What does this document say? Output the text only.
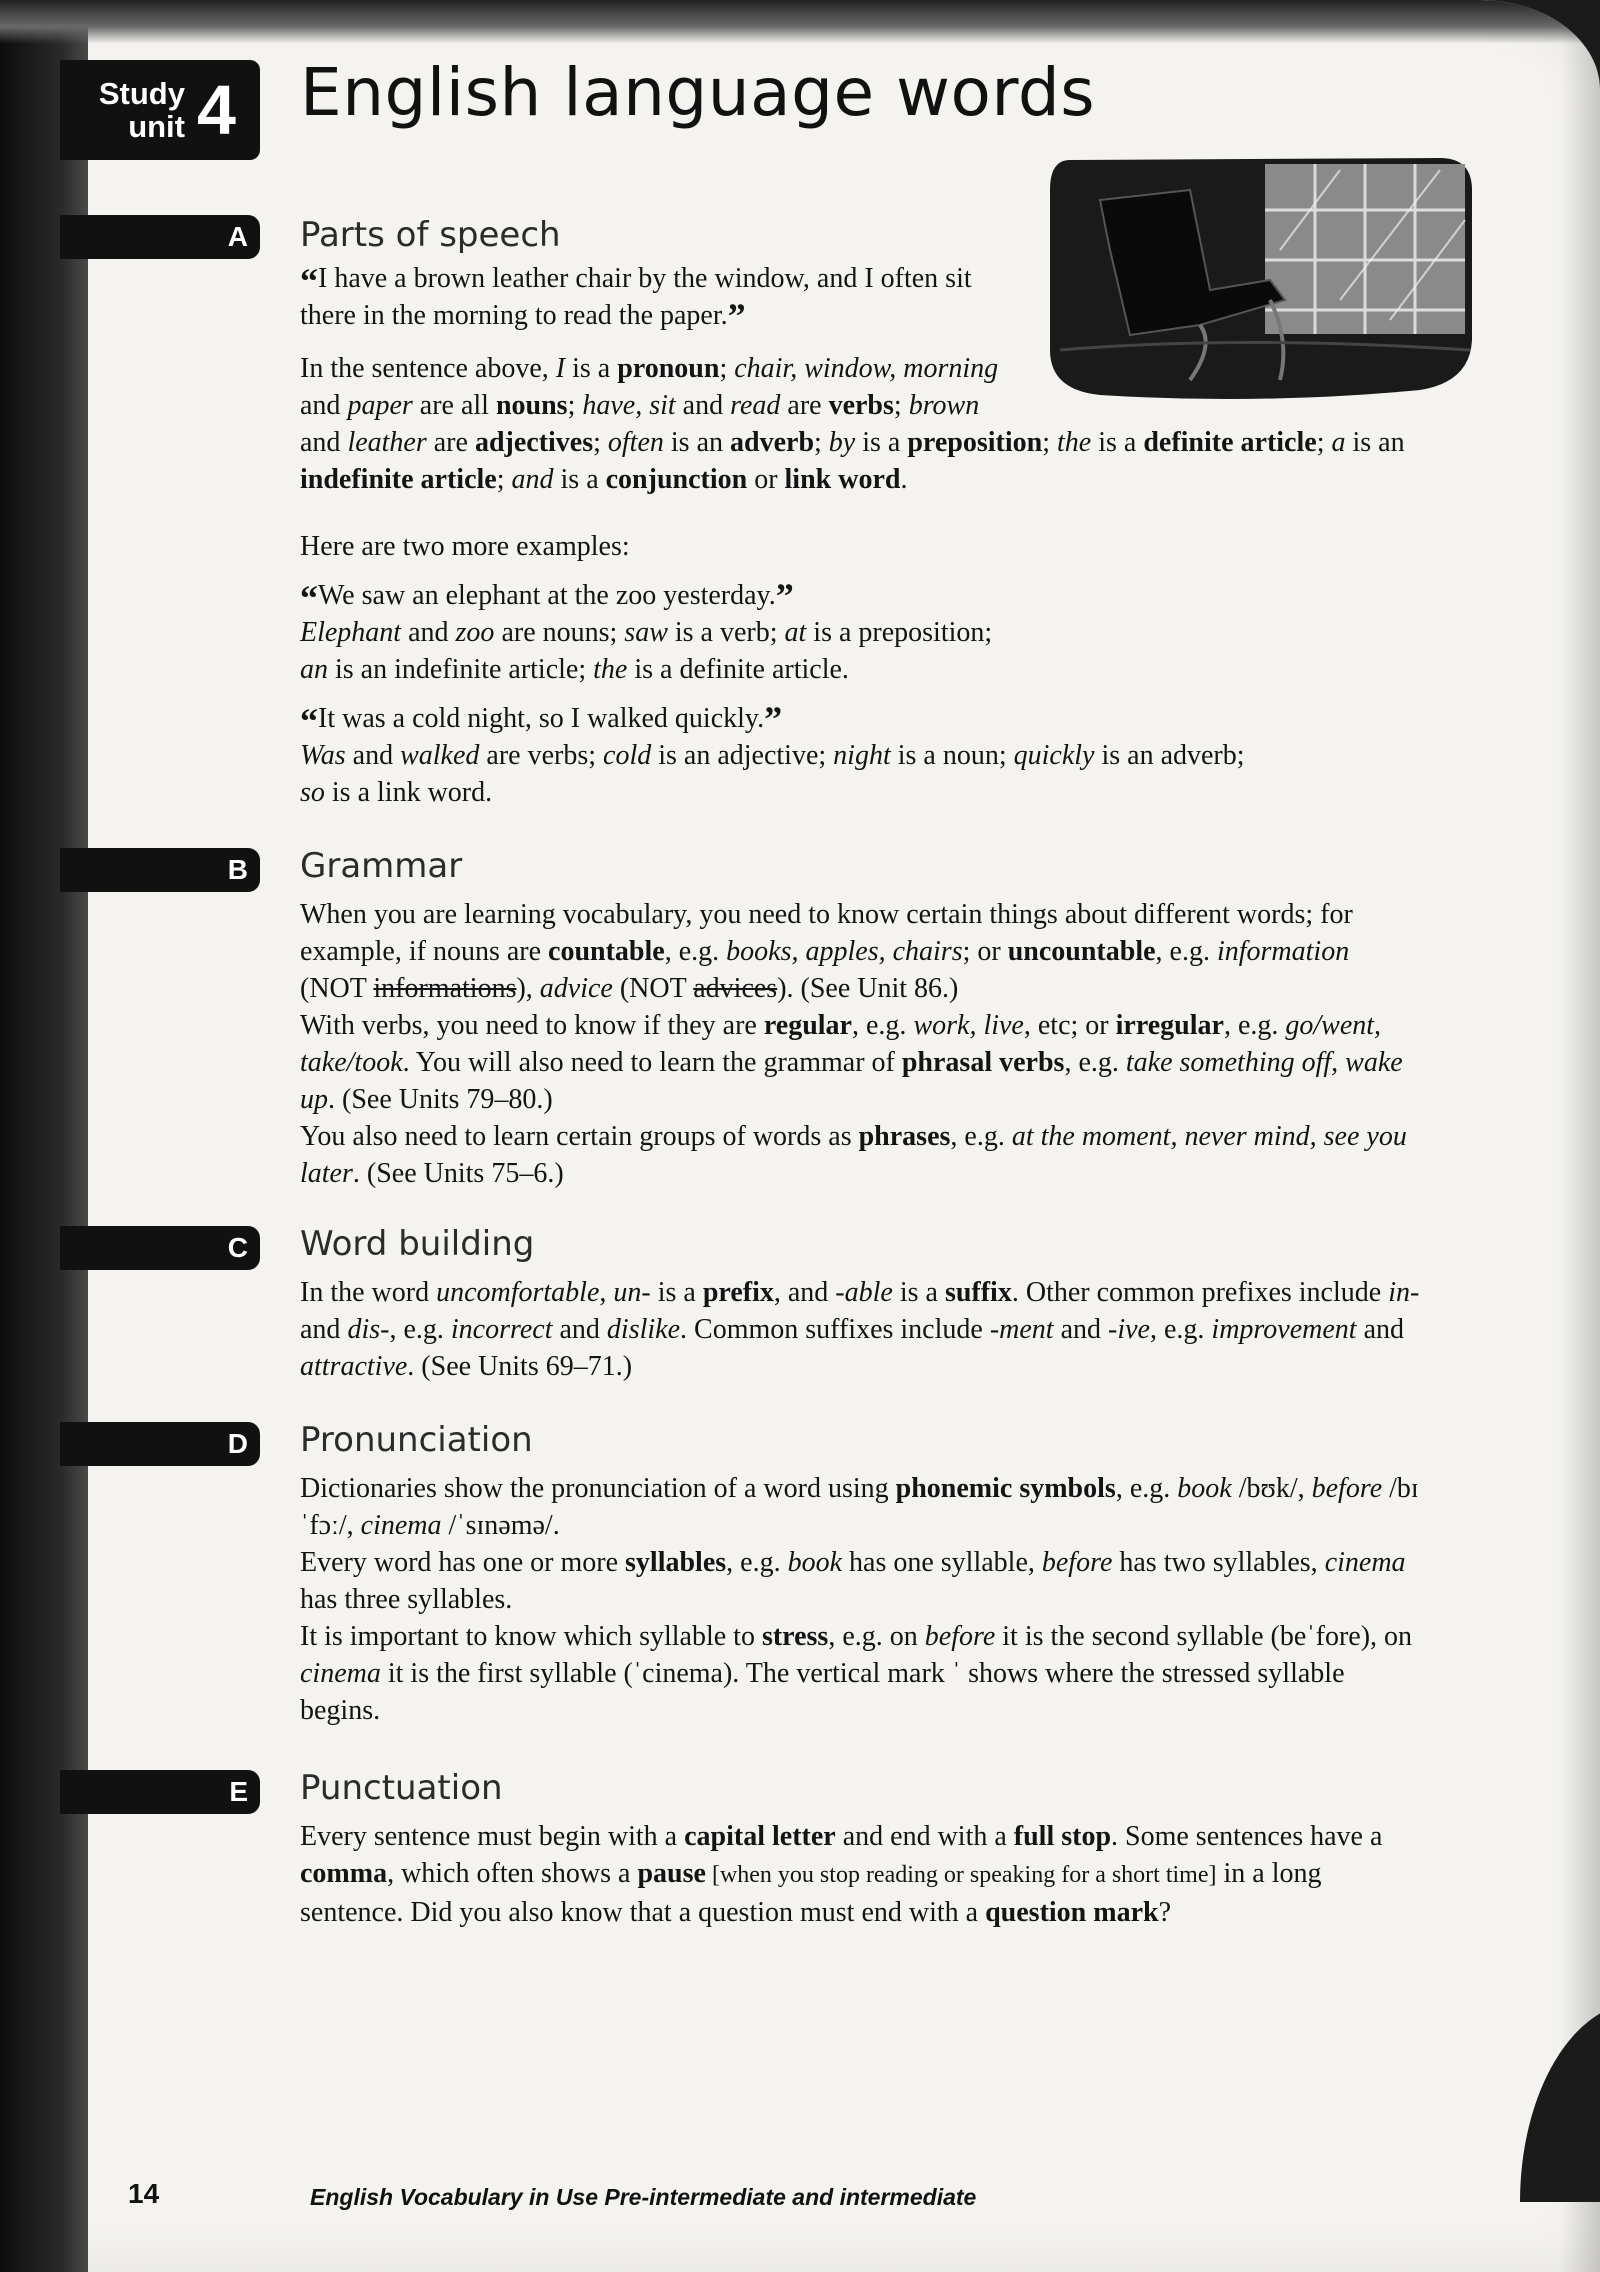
Study
unit 4 English language words
A	Parts of speech

“I have a brown leather chair by the window, and I often sit there in the morning to read the paper.”

In the sentence above, I is a pronoun; chair, window, morning and paper are all nouns; have, sit and read are verbs; brown and leather are adjectives; often is an adverb; by is a preposition; the is a definite article; a is an indefinite article; and is a conjunction or link word.

Here are two more examples:

“We saw an elephant at the zoo yesterday.”

Elephant and zoo are nouns; saw is a verb; at is a preposition;
an is an indefinite article; the is a definite article.

“It was a cold night, so I walked quickly.”

Was and walked are verbs; cold is an adjective; night is a noun; quickly is an adverb;
so is a link word.

B	Grammar

When you are learning vocabulary, you need to know certain things about different words; for example, if nouns are countable, e.g. books, apples, chairs; or uncountable, e.g. information (NOT informations), advice (NOT advices). (See Unit 86.)

With verbs, you need to know if they are regular, e.g. work, live, etc; or irregular, e.g. go/went, take/took. You will also need to learn the grammar of phrasal verbs, e.g. take something off, wake up. (See Units 79–80.)

You also need to learn certain groups of words as phrases, e.g. at the moment, never mind, see you later. (See Units 75–6.)

C	Word building

In the word uncomfortable, un- is a prefix, and -able is a suffix. Other common prefixes include in- and dis-, e.g. incorrect and dislike. Common suffixes include -ment and -ive, e.g. improvement and attractive. (See Units 69–71.)

D	Pronunciation

Dictionaries show the pronunciation of a word using phonemic symbols, e.g. book /bʊk/, before /bɪˈfɔː/, cinema /ˈsɪnəmə/.

Every word has one or more syllables, e.g. book has one syllable, before has two syllables, cinema has three syllables.

It is important to know which syllable to stress, e.g. on before it is the second syllable (beˈfore), on cinema it is the first syllable (ˈcinema). The vertical mark ˈ shows where the stressed syllable begins.

E	Punctuation

Every sentence must begin with a capital letter and end with a full stop. Some sentences have a comma, which often shows a pause [when you stop reading or speaking for a short time] in a long sentence. Did you also know that a question must end with a question mark?

14	English Vocabulary in Use Pre-intermediate and intermediate
